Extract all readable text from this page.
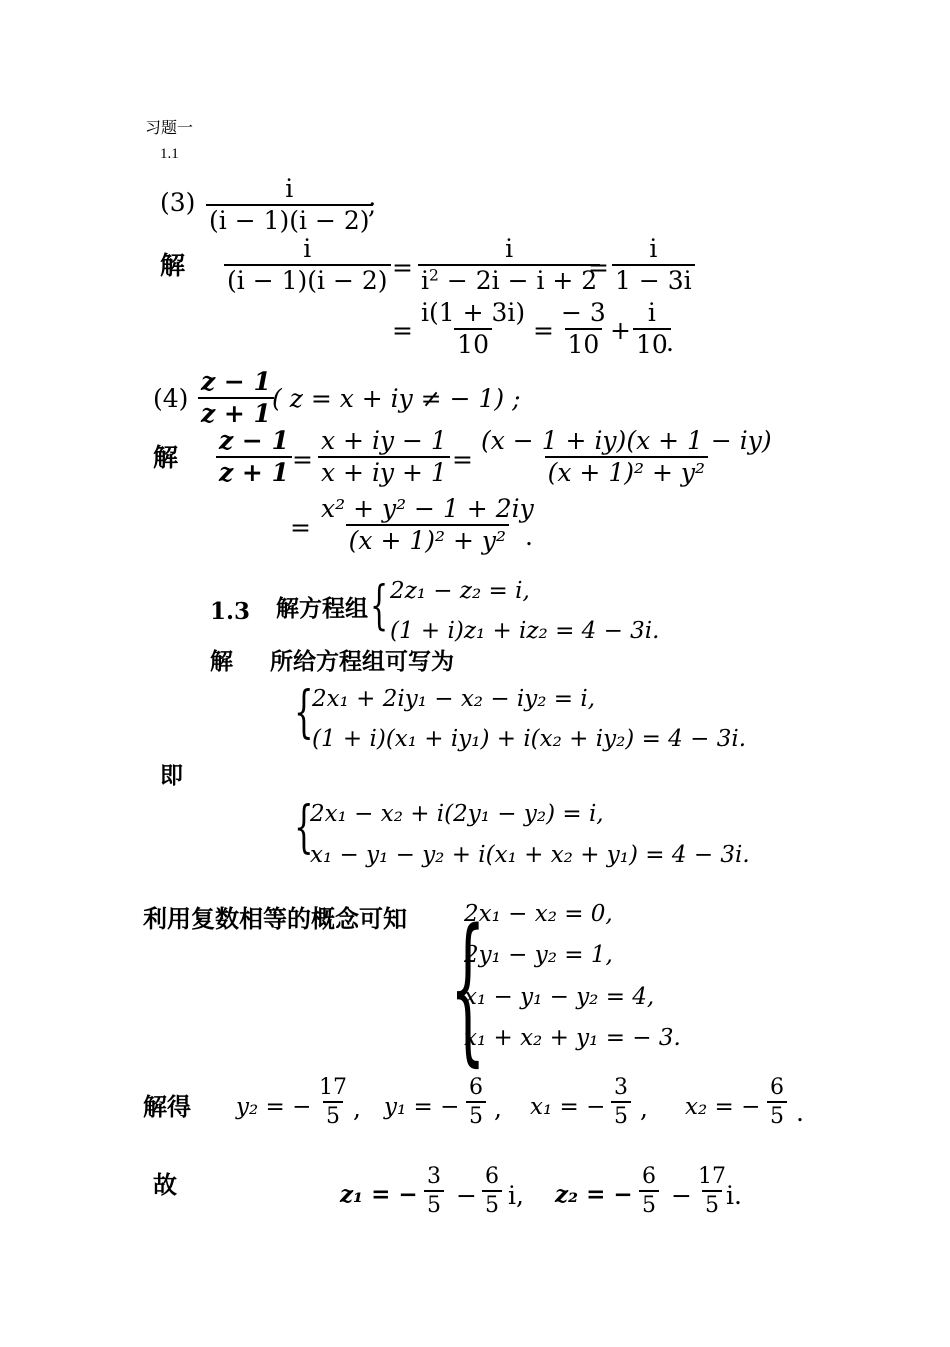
习题一
1.1
$(3) \frac{i}{(i - 1)(i - 2)}$
;
解 $\frac{i}{(i - 1)(i - 2)} = \frac{i}{i^2 - 2i - i + 2}$
= $\frac{i}{1 - 3i}$
= $\frac{i(1 + 3i)}{10} = \frac{- 3}{10} + \frac{i}{10}$
.
$(4) \frac{z - 1}{z + 1}$
( z = x + iy ≠ − 1) ;
解 $\frac{z - 1}{z + 1} = \frac{x + iy - 1}{x + iy + 1} = \frac{(x - 1 + iy)(x + 1 - iy)}{\text{(x + 1)² + y²}}$
= $\frac{\text{x² + y² − 1 + 2iy}}{\text{(x + 1)² + y²}}$
.
1.3 解方程组 { 2z₁ − z₂ = i,
(1 + i)z₁ + iz₂ = 4 − 3i.
解 所给方程组可写为
{
2x₁ + 2iy₁ − x₂ − iy₂ = i,
(1 + i)(x₁ + iy₁) + i(x₂ + iy₂) = 4 − 3i.
即
{
2x₁ − x₂ + i(2y₁ − y₂) = i,
x₁ − y₁ − y₂ + i(x₁ + x₂ + y₁) = 4 − 3i.
利用复数相等的概念可知 {
2x₁ − x₂ = 0,
2y₁ − y₂ = 1,
x₁ − y₁ − y₂ = 4,
x₁ + x₂ + y₁ = − 3.
解得 y₂ = − $\frac{17}{5}$ , y₁ = − $\frac{6}{5}$ , x₁ = − $\frac{3}{5}$ , x₂ = − $\frac{6}{5}$ .
故	z₁ = − $\frac{3}{5} - \frac{6}{5} i$, z₂ = − $\frac{6}{5} - \frac{17}{5}$
i.
